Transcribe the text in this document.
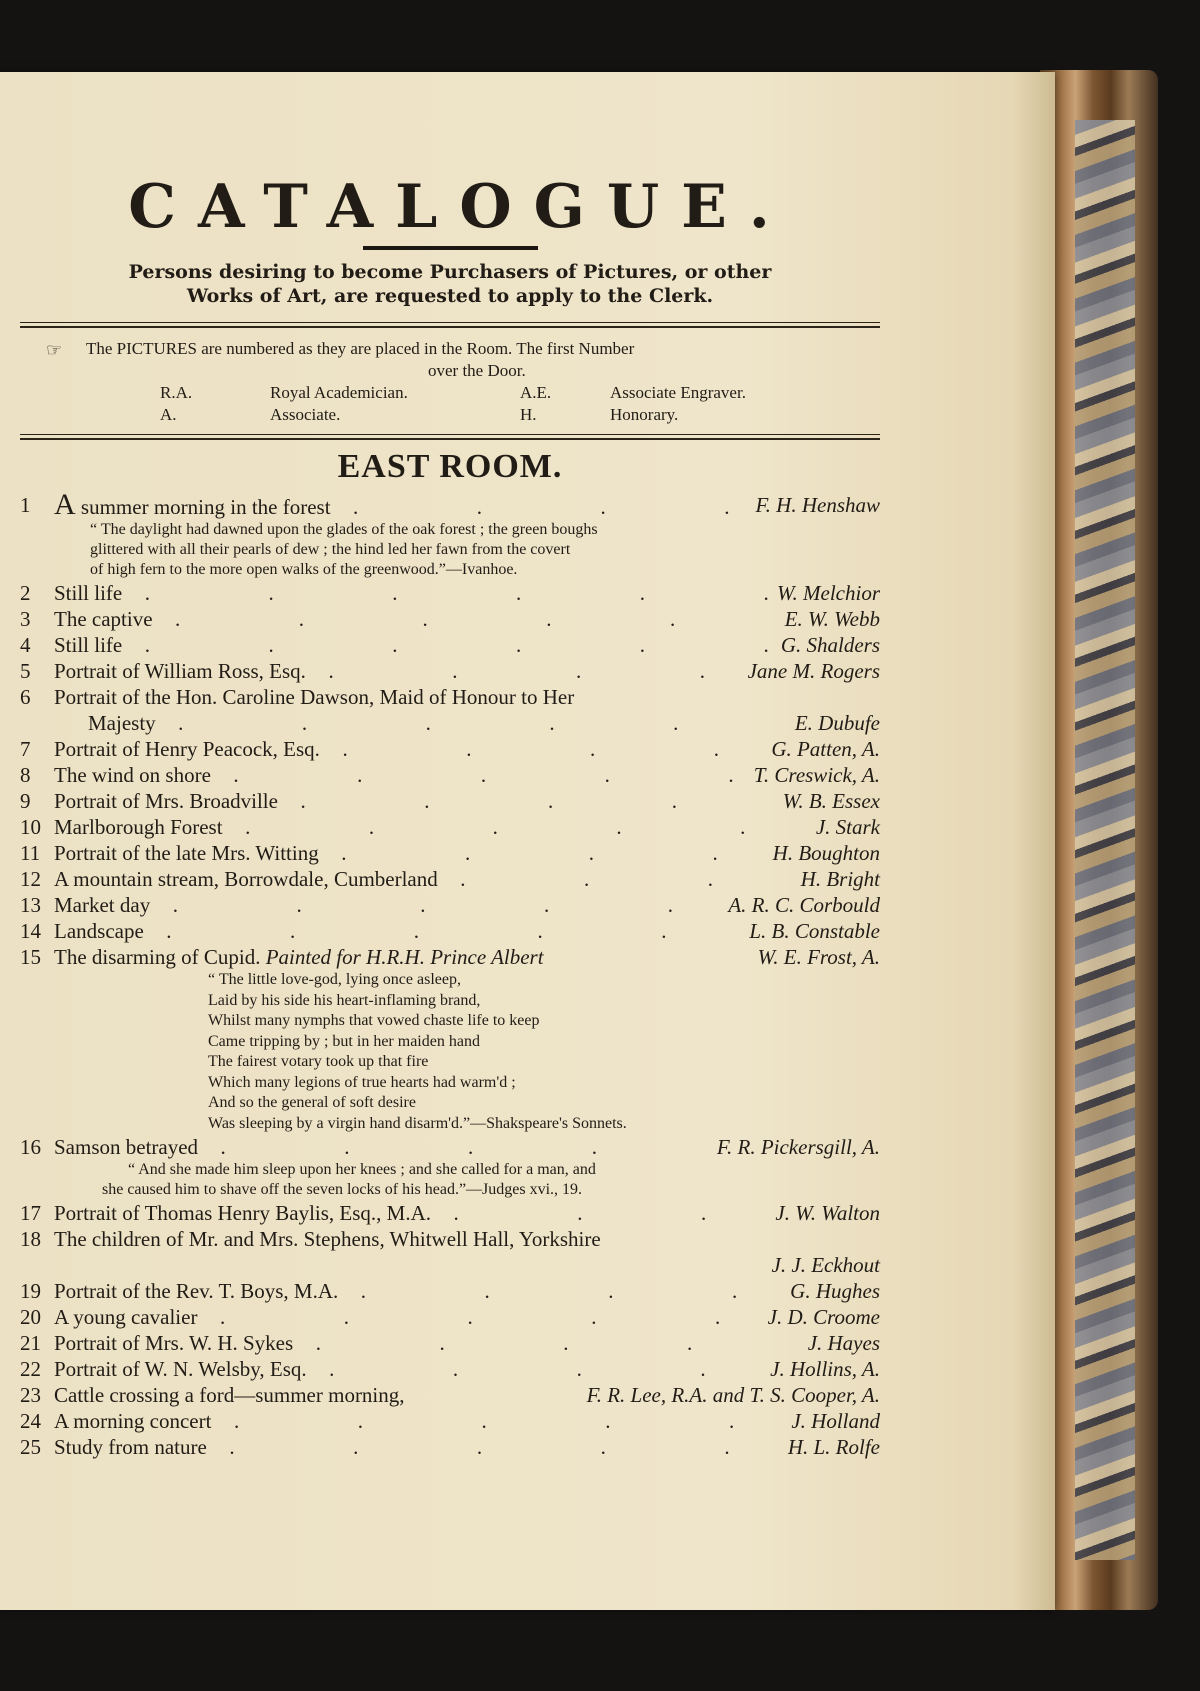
CATALOGUE.

Persons desiring to become Purchasers of Pictures, or other
Works of Art, are requested to apply to the Clerk.

☞	The PICTURES are numbered as they are placed in the Room. The first Number
over the Door.
R.A.	Royal Academician.	A.E.	Associate Engraver.
A.	Associate.	H.	Honorary.
EAST ROOM.
1 A summer morning in the forest .	F. H. Henshaw
“ The daylight had dawned upon the glades of the oak forest ; the green boughs
glittered with all their pearls of dew ; the hind led her fawn from the covert
of high fern to the more open walks of the greenwood.”—Ivanhoe.
2	Still life .	W. Melchior
3	The captive .	E. W. Webb
4	Still life .	G. Shalders
5	Portrait of William Ross, Esq. .	Jane M. Rogers
6	Portrait of the Hon. Caroline Dawson, Maid of Honour to Her
Majesty .	E. Dubufe
7	Portrait of Henry Peacock, Esq. .	G. Patten, A.
8	The wind on shore .	T. Creswick, A.
9	Portrait of Mrs. Broadville .	W. B. Essex
10 Marlborough Forest .	J. Stark
11 Portrait of the late Mrs. Witting .	H. Boughton
12 A mountain stream, Borrowdale, Cumberland .	H. Bright
13 Market day .	A. R. C. Corbould
14 Landscape .	L. B. Constable
15 The disarming of Cupid. Painted for H.R.H. Prince Albert	W. E. Frost, A.
“ The little love-god, lying once asleep,
Laid by his side his heart-inflaming brand,
Whilst many nymphs that vowed chaste life to keep
Came tripping by ; but in her maiden hand
The fairest votary took up that fire
Which many legions of true hearts had warm'd ;
And so the general of soft desire
Was sleeping by a virgin hand disarm'd.”—Shakspeare's Sonnets.
16 Samson betrayed .	F. R. Pickersgill, A.
“ And she made him sleep upon her knees ; and she called for a man, and
she caused him to shave off the seven locks of his head.”—Judges xvi., 19.
17 Portrait of Thomas Henry Baylis, Esq., M.A. .	J. W. Walton
18 The children of Mr. and Mrs. Stephens, Whitwell Hall, Yorkshire
J. J. Eckhout
19 Portrait of the Rev. T. Boys, M.A. .	G. Hughes
20 A young cavalier .	J. D. Croome
21 Portrait of Mrs. W. H. Sykes .	J. Hayes
22 Portrait of W. N. Welsby, Esq. .	J. Hollins, A.
23 Cattle crossing a ford—summer morning,	F. R. Lee, R.A. and T. S. Cooper, A.
24 A morning concert .	J. Holland
25 Study from nature .	H. L. Rolfe
